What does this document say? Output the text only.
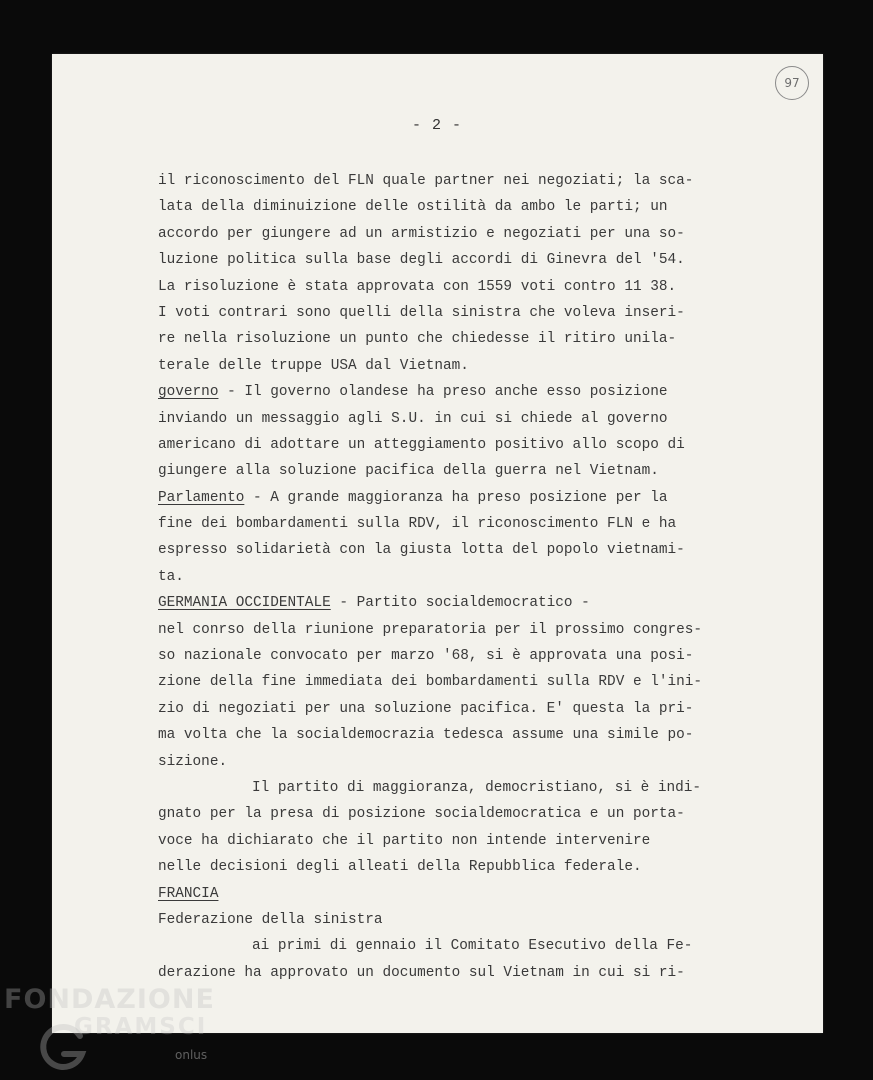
97
- 2 -
il riconoscimento del FLN quale partner nei negoziati; la sca-
lata della diminuizione delle ostilità da ambo le parti; un
accordo per giungere ad un armistizio e negoziati per una so-
luzione politica sulla base degli accordi di Ginevra del '54.
La risoluzione è stata approvata con 1559 voti contro 11 38.
I voti contrari sono quelli della sinistra che voleva inseri-
re nella risoluzione un punto che chiedesse il ritiro unila-
terale delle truppe USA dal Vietnam.
governo - Il governo olandese ha preso anche esso posizione
inviando un messaggio agli S.U. in cui si chiede al governo
americano di adottare un atteggiamento positivo allo scopo di
giungere alla soluzione pacifica della guerra nel Vietnam.
Parlamento - A grande maggioranza ha preso posizione per la
fine dei bombardamenti sulla RDV, il riconoscimento FLN e ha
espresso solidarietà con la giusta lotta del popolo vietnami-
ta.
GERMANIA OCCIDENTALE - Partito socialdemocratico -
nel conrso della riunione preparatoria per il prossimo congres-
so nazionale convocato per marzo '68, si è approvata una posi-
zione della fine immediata dei bombardamenti sulla RDV e l'ini-
zio di negoziati per una soluzione pacifica. E' questa la pri-
ma volta che la socialdemocrazia tedesca assume una simile po-
sizione.
Il partito di maggioranza, democristiano, si è indi-
gnato per la presa di posizione socialdemocratica e un porta-
voce ha dichiarato che il partito non intende intervenire
nelle decisioni degli alleati della Repubblica federale.
FRANCIA
Federazione della sinistra
ai primi di gennaio il Comitato Esecutivo della Fe-
derazione ha approvato un documento sul Vietnam in cui si ri-
FONDAZIONE
GRAMSCI
onlus
